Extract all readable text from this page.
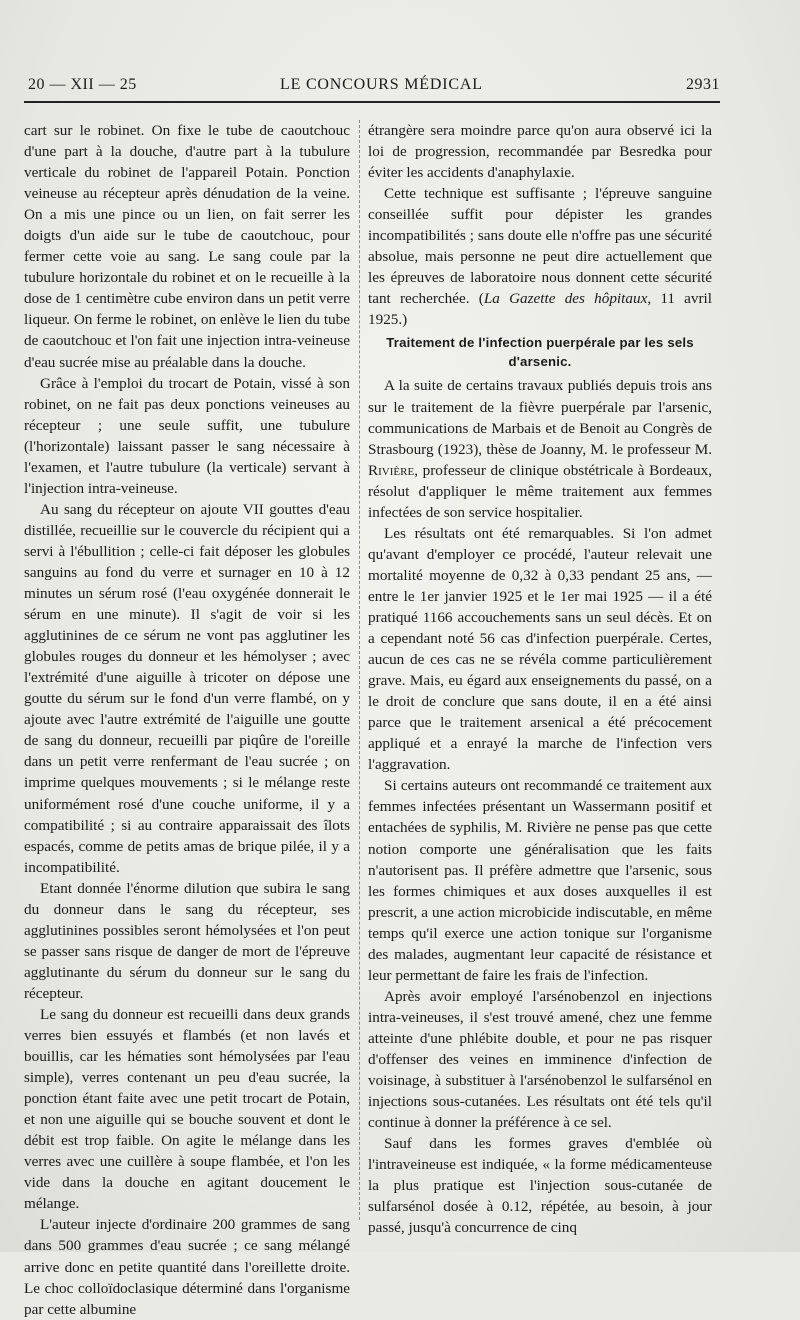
20 — XII — 25	LE CONCOURS MÉDICAL	2931

cart sur le robinet. On fixe le tube de caoutchouc d'une part à la douche, d'autre part à la tubulure verticale du robinet de l'appareil Potain. Ponction veineuse au récepteur après dénudation de la veine. On a mis une pince ou un lien, on fait serrer les doigts d'un aide sur le tube de caoutchouc, pour fermer cette voie au sang. Le sang coule par la tubulure horizontale du robinet et on le recueille à la dose de 1 centimètre cube environ dans un petit verre liqueur. On ferme le robinet, on enlève le lien du tube de caoutchouc et l'on fait une injection intra-veineuse d'eau sucrée mise au préalable dans la douche.

Grâce à l'emploi du trocart de Potain, vissé à son robinet, on ne fait pas deux ponctions veineuses au récepteur ; une seule suffit, une tubulure (l'horizontale) laissant passer le sang nécessaire à l'examen, et l'autre tubulure (la verticale) servant à l'injection intra-veineuse.

Au sang du récepteur on ajoute VII gouttes d'eau distillée, recueillie sur le couvercle du récipient qui a servi à l'ébullition ; celle-ci fait déposer les globules sanguins au fond du verre et surnager en 10 à 12 minutes un sérum rosé (l'eau oxygénée donnerait le sérum en une minute). Il s'agit de voir si les agglutinines de ce sérum ne vont pas agglutiner les globules rouges du donneur et les hémolyser ; avec l'extrémité d'une aiguille à tricoter on dépose une goutte du sérum sur le fond d'un verre flambé, on y ajoute avec l'autre extrémité de l'aiguille une goutte de sang du donneur, recueilli par piqûre de l'oreille dans un petit verre renfermant de l'eau sucrée ; on imprime quelques mouvements ; si le mélange reste uniformément rosé d'une couche uniforme, il y a compatibilité ; si au contraire apparaissait des îlots espacés, comme de petits amas de brique pilée, il y a incompatibilité.

Etant donnée l'énorme dilution que subira le sang du donneur dans le sang du récepteur, ses agglutinines possibles seront hémolysées et l'on peut se passer sans risque de danger de mort de l'épreuve agglutinante du sérum du donneur sur le sang du récepteur.

Le sang du donneur est recueilli dans deux grands verres bien essuyés et flambés (et non lavés et bouillis, car les hématies sont hémolysées par l'eau simple), verres contenant un peu d'eau sucrée, la ponction étant faite avec une petit trocart de Potain, et non une aiguille qui se bouche souvent et dont le débit est trop faible. On agite le mélange dans les verres avec une cuillère à soupe flambée, et l'on les vide dans la douche en agitant doucement le mélange.

L'auteur injecte d'ordinaire 200 grammes de sang dans 500 grammes d'eau sucrée ; ce sang mélangé arrive donc en petite quantité dans l'oreillette droite. Le choc colloïdoclasique déterminé dans l'organisme par cette albumine

étrangère sera moindre parce qu'on aura observé ici la loi de progression, recommandée par Besredka pour éviter les accidents d'anaphylaxie.

Cette technique est suffisante ; l'épreuve sanguine conseillée suffit pour dépister les grandes incompatibilités ; sans doute elle n'offre pas une sécurité absolue, mais personne ne peut dire actuellement que les épreuves de laboratoire nous donnent cette sécurité tant recherchée. (La Gazette des hôpitaux, 11 avril 1925.)

Traitement de l'infection puerpérale par les sels d'arsenic.

A la suite de certains travaux publiés depuis trois ans sur le traitement de la fièvre puerpérale par l'arsenic, communications de Marbais et de Benoit au Congrès de Strasbourg (1923), thèse de Joanny, M. le professeur M. Rivière, professeur de clinique obstétricale à Bordeaux, résolut d'appliquer le même traitement aux femmes infectées de son service hospitalier.

Les résultats ont été remarquables. Si l'on admet qu'avant d'employer ce procédé, l'auteur relevait une mortalité moyenne de 0,32 à 0,33 pendant 25 ans, — entre le 1er janvier 1925 et le 1er mai 1925 — il a été pratiqué 1166 accouchements sans un seul décès. Et on a cependant noté 56 cas d'infection puerpérale. Certes, aucun de ces cas ne se révéla comme particulièrement grave. Mais, eu égard aux enseignements du passé, on a le droit de conclure que sans doute, il en a été ainsi parce que le traitement arsenical a été précocement appliqué et a enrayé la marche de l'infection vers l'aggravation.

Si certains auteurs ont recommandé ce traitement aux femmes infectées présentant un Wassermann positif et entachées de syphilis, M. Rivière ne pense pas que cette notion comporte une généralisation que les faits n'autorisent pas. Il préfère admettre que l'arsenic, sous les formes chimiques et aux doses auxquelles il est prescrit, a une action microbicide indiscutable, en même temps qu'il exerce une action tonique sur l'organisme des malades, augmentant leur capacité de résistance et leur permettant de faire les frais de l'infection.

Après avoir employé l'arsénobenzol en injections intra-veineuses, il s'est trouvé amené, chez une femme atteinte d'une phlébite double, et pour ne pas risquer d'offenser des veines en imminence d'infection de voisinage, à substituer à l'arsénobenzol le sulfarsénol en injections sous-cutanées. Les résultats ont été tels qu'il continue à donner la préférence à ce sel.

Sauf dans les formes graves d'emblée où l'intraveineuse est indiquée, « la forme médicamenteuse la plus pratique est l'injection sous-cutanée de sulfarsénol dosée à 0.12, répétée, au besoin, à jour passé, jusqu'à concurrence de cinq
